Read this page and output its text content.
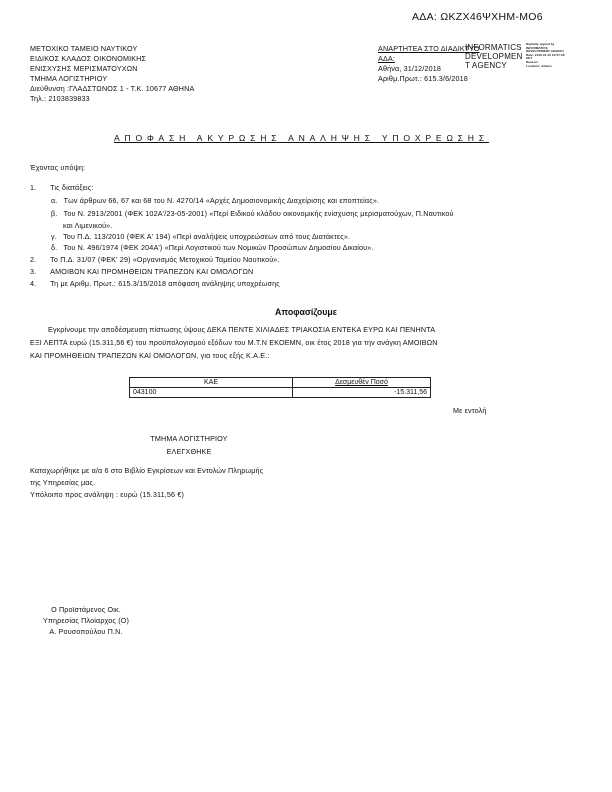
ΑΔΑ: ΩΚΖΧ46ΨΧΗΜ-ΜΟ6
ΜΕΤΟΧΙΚΟ ΤΑΜΕΙΟ ΝΑΥΤΙΚΟΥ
ΕΙΔΙΚΟΣ ΚΛΑΔΟΣ ΟΙΚΟΝΟΜΙΚΗΣ
ΕΝΙΣΧΥΣΗΣ ΜΕΡΙΣΜΑΤΟΥΧΩΝ
ΤΜΗΜΑ ΛΟΓΙΣΤΗΡΙΟΥ
Διεύθυνση :ΓΛΑΔΣΤΩΝΟΣ 1 - Τ.Κ. 10677 ΑΘΗΝΑ
Τηλ.: 2103839833
ΑΝΑΡΤΗΤΕΑ ΣΤΟ ΔΙΑΔΙΚΤΥΟ
ΑΔΑ:
Αθήνα, 31/12/2018
Αριθμ.Πρωτ.: 615.3/6/2018
INFORMATICS
DEVELOPMEN
T AGENCY
Digitally signed by
INFORMATICS
DEVELOPMENT AGENCY
Date: 2019.01.10 13:57:26
EET
Reason:
Location: Athens
ΑΠΟΦΑΣΗ ΑΚΥΡΩΣΗΣ ΑΝΑΛΗΨΗΣ ΥΠΟΧΡΕΩΣΗΣ
Έχοντας υπόψη:
1. Τις διατάξεις:
α. Των άρθρων 66, 67 και 68 του Ν. 4270/14 «Αρχές Δημοσιονομικής Διαχείρισης και εποπτείας».
β. Του Ν. 2913/2001 (ΦΕΚ 102Α'/23-05-2001) «Περί Ειδικού κλάδου οικονομικής ενίσχυσης μερισματούχων, Π.Ναυτικού
και Λιμενικού».
γ. Του Π.Δ. 113/2010 (ΦΕΚ Α' 194) «Περί αναλήψεις υποχρεώσεων από τους Διατάκτες».
δ. Του Ν. 496/1974 (ΦΕΚ 204Α') «Περί Λογιστικού των Νομικών Προσώπων Δημοσίου Δικαίου».
2. Το Π.Δ. 31/07 (ΦΕΚ' 29) «Οργανισμός Μετοχικού Ταμείου Ναυτικού».
3. ΑΜΟΙΒΩΝ ΚΑΙ ΠΡΟΜΗΘΕΙΩΝ ΤΡΑΠΕΖΩΝ ΚΑΙ ΟΜΟΛΟΓΩΝ
4. Τη με Αριθμ. Πρωτ.: 615.3/15/2018 απόφαση ανάληψης υποχρέωσης
Αποφασίζουμε
Εγκρίνουμε την αποδέσμευση πίστωσης ύψους ΔΕΚΑ ΠΕΝΤΕ ΧΙΛΙΑΔΕΣ ΤΡΙΑΚΟΣΙΑ ΕΝΤΕΚΑ ΕΥΡΩ ΚΑΙ ΠΕΝΗΝΤΑ
ΕΞΙ ΛΕΠΤΑ ευρώ (15.311,56 €) του προϋπολογισμού εξόδων του Μ.Τ.Ν ΕΚΟΕΜΝ, οικ έτος 2018 για την ανάγκη ΑΜΟΙΒΩΝ
ΚΑΙ ΠΡΟΜΗΘΕΙΩΝ ΤΡΑΠΕΖΩΝ ΚΑΙ ΟΜΟΛΟΓΩΝ, για τους εξής Κ.Α.Ε.:
ΚΑΕ	Δεσμευθέν Ποσό
043100	-15.311,56
Με εντολή
ΤΜΗΜΑ ΛΟΓΙΣΤΗΡΙΟΥ
ΕΛΕΓΧΘΗΚΕ
Καταχωρήθηκε με α/α 6 στο Βιβλίο Εγκρίσεων και Εντολών Πληρωμής
της Υπηρεσίας μας.
Υπόλοιπο προς ανάληψη : ευρώ (15.311,56 €)
Ο Προϊστάμενος Οικ.
Υπηρεσίας Πλοίαρχος (Ο)
Α. Ρουσοπούλου Π.Ν.
